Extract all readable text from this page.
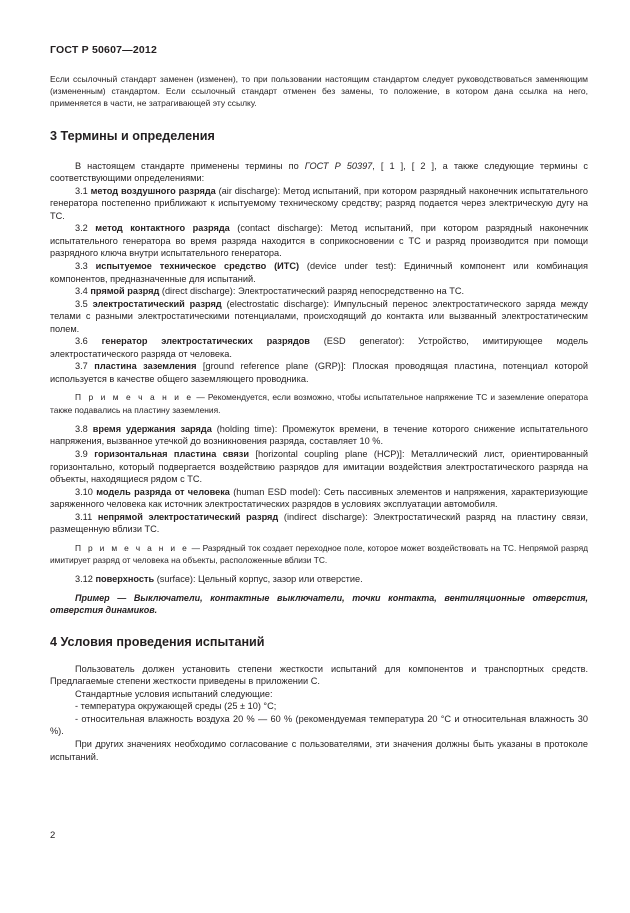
ГОСТ Р 50607—2012

Если ссылочный стандарт заменен (изменен), то при пользовании настоящим стандартом следует руководствоваться заменяющим (измененным) стандартом. Если ссылочный стандарт отменен без замены, то положение, в котором дана ссылка на него, применяется в части, не затрагивающей эту ссылку.

3 Термины и определения

В настоящем стандарте применены термины по ГОСТ Р 50397, [ 1 ], [ 2 ], а также следующие термины с соответствующими определениями:

3.1 метод воздушного разряда (air discharge): Метод испытаний, при котором разрядный наконечник испытательного генератора постепенно приближают к испытуемому техническому средству; разряд подается через электрическую дугу на ТС.

3.2 метод контактного разряда (contact discharge): Метод испытаний, при котором разрядный наконечник испытательного генератора во время разряда находится в соприкосновении с ТС и разряд производится при помощи разрядного ключа внутри испытательного генератора.

3.3 испытуемое техническое средство (ИТС) (device under test): Единичный компонент или комбинация компонентов, предназначенные для испытаний.

3.4 прямой разряд (direct discharge): Электростатический разряд непосредственно на ТС.

3.5 электростатический разряд (electrostatic discharge): Импульсный перенос электростатического заряда между телами с разными электростатическими потенциалами, происходящий до контакта или вызванный электростатическим полем.

3.6 генератор электростатических разрядов (ESD generator): Устройство, имитирующее модель электростатического разряда от человека.

3.7 пластина заземления [ground reference plane (GRP)]: Плоская проводящая пластина, потенциал которой используется в качестве общего заземляющего проводника.

П р и м е ч а н и е — Рекомендуется, если возможно, чтобы испытательное напряжение ТС и заземление оператора также подавались на пластину заземления.

3.8 время удержания заряда (holding time): Промежуток времени, в течение которого снижение испытательного напряжения, вызванное утечкой до возникновения разряда, составляет 10 %.

3.9 горизонтальная пластина связи [horizontal coupling plane (HCP)]: Металлический лист, ориентированный горизонтально, который подвергается воздействию разрядов для имитации воздействия электростатического разряда на объекты, находящиеся рядом с ТС.

3.10 модель разряда от человека (human ESD model): Сеть пассивных элементов и напряжения, характеризующие заряженного человека как источник электростатических разрядов в условиях эксплуатации автомобиля.

3.11 непрямой электростатический разряд (indirect discharge): Электростатический разряд на пластину связи, размещенную вблизи ТС.

П р и м е ч а н и е — Разрядный ток создает переходное поле, которое может воздействовать на ТС. Непрямой разряд имитирует разряд от человека на объекты, расположенные вблизи ТС.

3.12 поверхность (surface): Цельный корпус, зазор или отверстие.

Пример — Выключатели, контактные выключатели, точки контакта, вентиляционные отверстия, отверстия динамиков.

4 Условия проведения испытаний

Пользователь должен установить степени жесткости испытаний для компонентов и транспортных средств. Предлагаемые степени жесткости приведены в приложении С.

Стандартные условия испытаний следующие:

- температура окружающей среды (25 ± 10) °С;

- относительная влажность воздуха 20 % — 60 % (рекомендуемая температура 20 °С и относительная влажность 30 %).

При других значениях необходимо согласование с пользователями, эти значения должны быть указаны в протоколе испытаний.

2
